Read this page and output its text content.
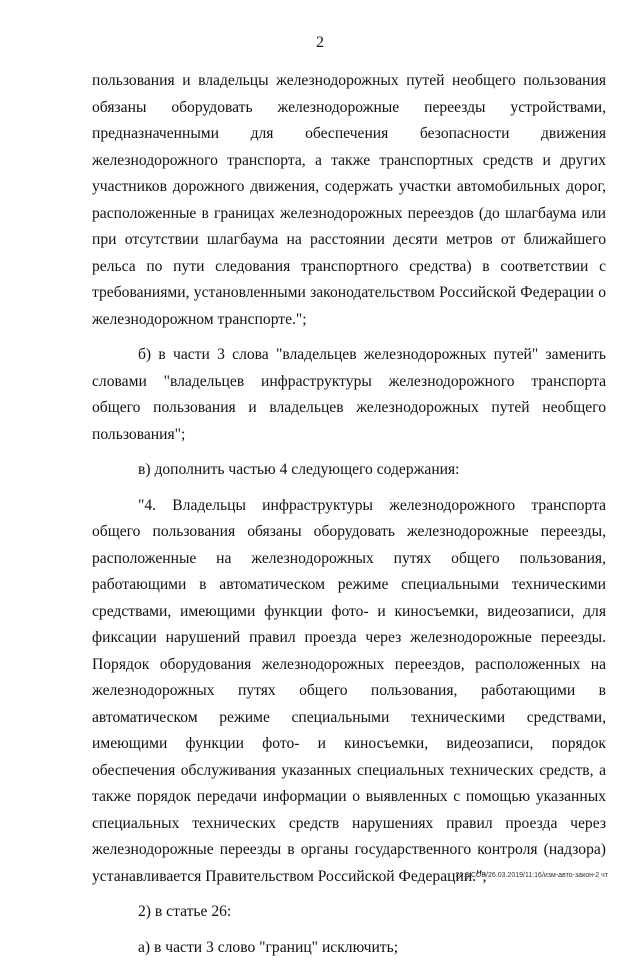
2

пользования и владельцы железнодорожных путей необщего пользования обязаны оборудовать железнодорожные переезды устройствами, предназначенными для обеспечения безопасности движения железнодорожного транспорта, а также транспортных средств и других участников дорожного движения, содержать участки автомобильных дорог, расположенные в границах железнодорожных переездов (до шлагбаума или при отсутствии шлагбаума на расстоянии десяти метров от ближайшего рельса по пути следования транспортного средства) в соответствии с требованиями, установленными законодательством Российской Федерации о железнодорожном транспорте.";

б) в части 3 слова "владельцев железнодорожных путей" заменить словами "владельцев инфраструктуры железнодорожного транспорта общего пользования и владельцев железнодорожных путей необщего пользования";

в) дополнить частью 4 следующего содержания:

"4. Владельцы инфраструктуры железнодорожного транспорта общего пользования обязаны оборудовать железнодорожные переезды, расположенные на железнодорожных путях общего пользования, работающими в автоматическом режиме специальными техническими средствами, имеющими функции фото- и киносъемки, видеозаписи, для фиксации нарушений правил проезда через железнодорожные переезды. Порядок оборудования железнодорожных переездов, расположенных на железнодорожных путях общего пользования, работающими в автоматическом режиме специальными техническими средствами, имеющими функции фото- и киносъемки, видеозаписи, порядок обеспечения обслуживания указанных специальных технических средств, а также порядок передачи информации о выявленных с помощью указанных специальных технических средств нарушениях правил проезда через железнодорожные переезды в органы государственного контроля (надзора) устанавливается Правительством Российской Федерации.";

2) в статье 26:

а) в части 3 слово "границ" исключить;

20.3/СОВ/26.03.2019/11:16/изм-авто-закон-2 чт
